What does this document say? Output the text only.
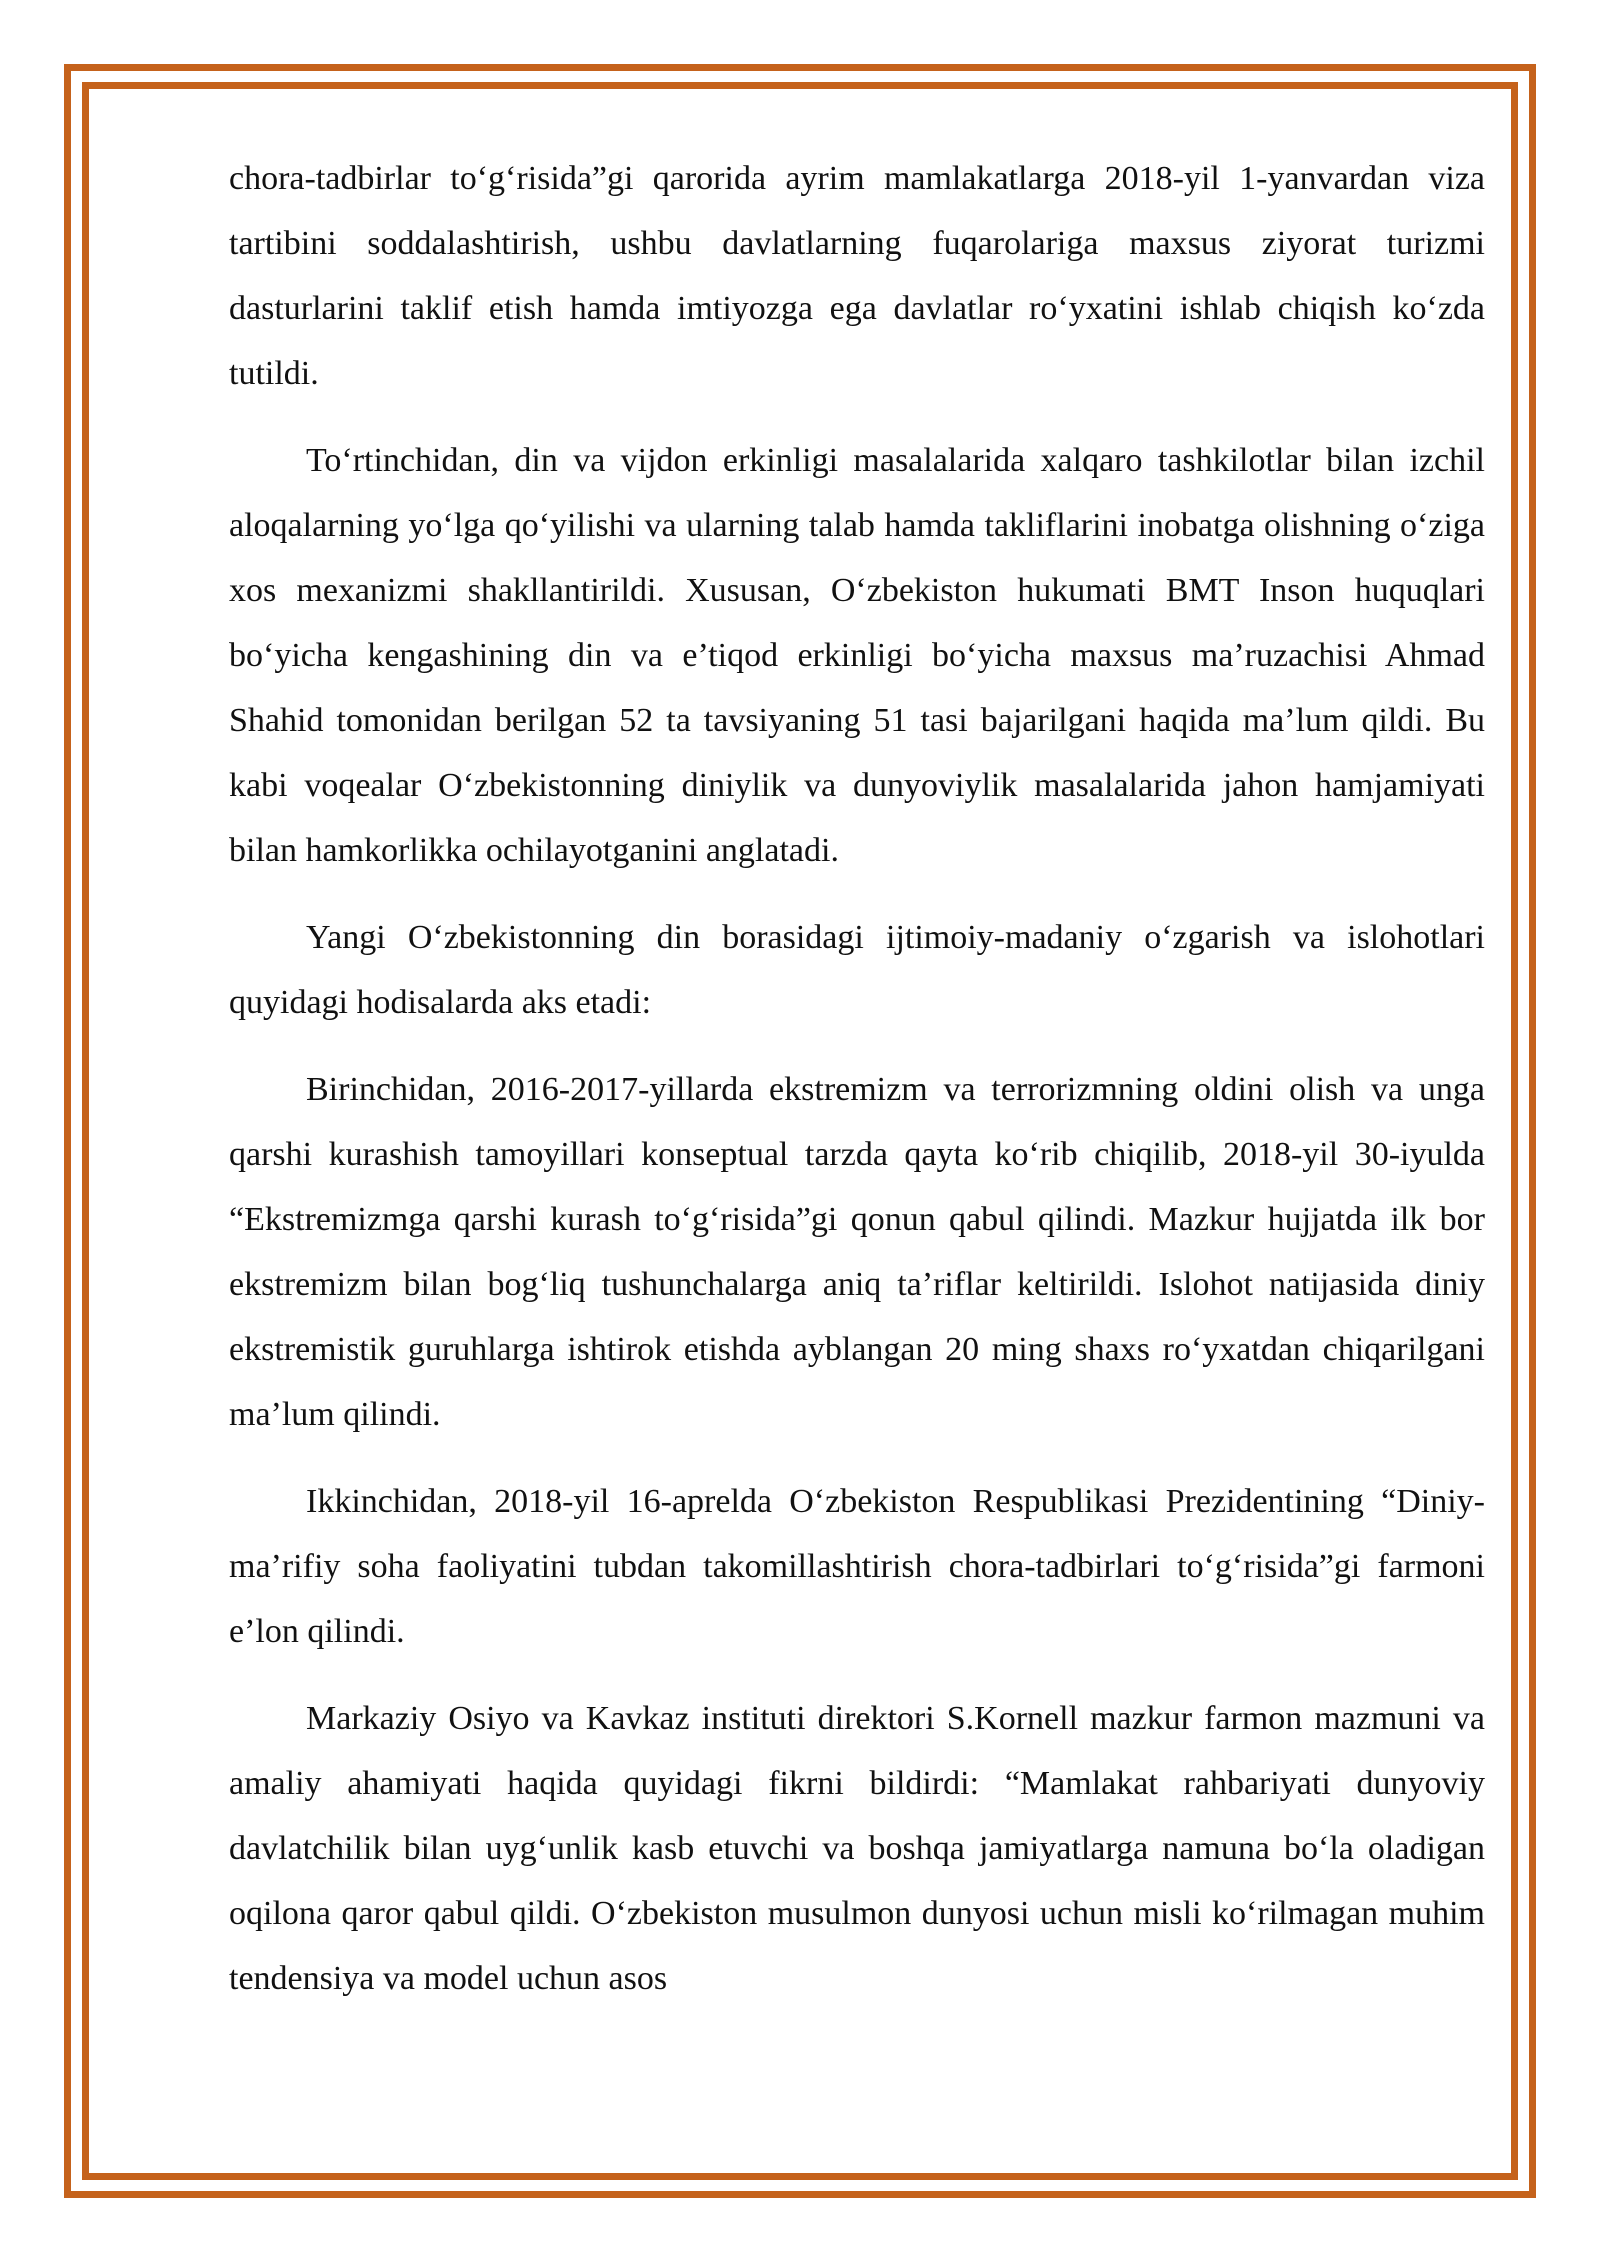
chora-tadbirlar to‘g‘risida”gi qarorida ayrim mamlakatlarga 2018-yil 1-yanvardan viza tartibini soddalashtirish, ushbu davlatlarning fuqarolariga maxsus ziyorat turizmi dasturlarini taklif etish hamda imtiyozga ega davlatlar ro‘yxatini ishlab chiqish ko‘zda tutildi.

To‘rtinchidan, din va vijdon erkinligi masalalarida xalqaro tashkilotlar bilan izchil aloqalarning yo‘lga qo‘yilishi va ularning talab hamda takliflarini inobatga olishning o‘ziga xos mexanizmi shakllantirildi. Xususan, O‘zbekiston hukumati BMT Inson huquqlari bo‘yicha kengashining din va e’tiqod erkinligi bo‘yicha maxsus ma’ruzachisi Ahmad Shahid tomonidan berilgan 52 ta tavsiyaning 51 tasi bajarilgani haqida ma’lum qildi. Bu kabi voqealar O‘zbekistonning diniylik va dunyoviylik masalalarida jahon hamjamiyati bilan hamkorlikka ochilayotganini anglatadi.

Yangi O‘zbekistonning din borasidagi ijtimoiy-madaniy o‘zgarish va islohotlari quyidagi hodisalarda aks etadi:

Birinchidan, 2016-2017-yillarda ekstremizm va terrorizmning oldini olish va unga qarshi kurashish tamoyillari konseptual tarzda qayta ko‘rib chiqilib, 2018-yil 30-iyulda “Ekstremizmga qarshi kurash to‘g‘risida”gi qonun qabul qilindi. Mazkur hujjatda ilk bor ekstremizm bilan bog‘liq tushunchalarga aniq ta’riflar keltirildi. Islohot natijasida diniy ekstremistik guruhlarga ishtirok etishda ayblangan 20 ming shaxs ro‘yxatdan chiqarilgani ma’lum qilindi.

Ikkinchidan, 2018-yil 16-aprelda O‘zbekiston Respublikasi Prezidentining “Diniy-ma’rifiy soha faoliyatini tubdan takomillashtirish chora-tadbirlari to‘g‘risida”gi farmoni e’lon qilindi.

Markaziy Osiyo va Kavkaz instituti direktori S.Kornell mazkur farmon mazmuni va amaliy ahamiyati haqida quyidagi fikrni bildirdi: “Mamlakat rahbariyati dunyoviy davlatchilik bilan uyg‘unlik kasb etuvchi va boshqa jamiyatlarga namuna bo‘la oladigan oqilona qaror qabul qildi. O‘zbekiston musulmon dunyosi uchun misli ko‘rilmagan muhim tendensiya va model uchun asos
